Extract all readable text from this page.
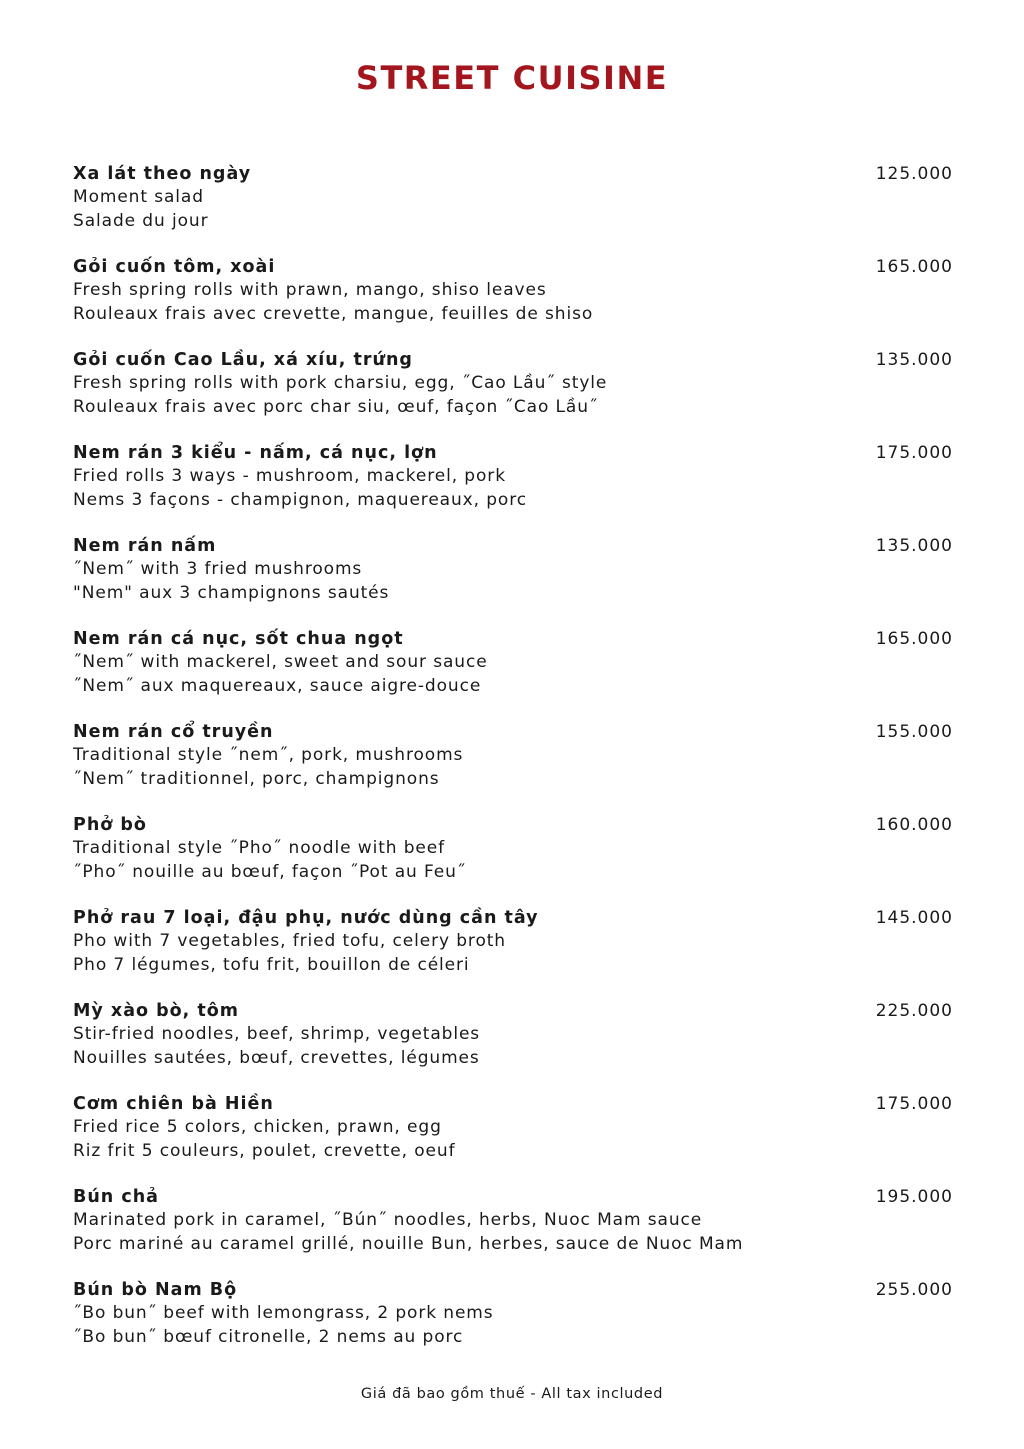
STREET CUISINE
Xa lát theo ngày
Moment salad
Salade du jour
125.000
Gỏi cuốn tôm, xoài
Fresh spring rolls with prawn, mango, shiso leaves
Rouleaux frais avec crevette, mangue, feuilles de shiso
165.000
Gỏi cuốn Cao Lầu, xá xíu, trứng
Fresh spring rolls with pork charsiu, egg, ˝Cao Lầu˝ style
Rouleaux frais avec porc char siu, œuf, façon ˝Cao Lầu˝
135.000
Nem rán 3 kiểu - nấm, cá nục, lợn
Fried rolls 3 ways - mushroom, mackerel, pork
Nems 3 façons - champignon, maquereaux, porc
175.000
Nem rán nấm
˝Nem˝ with 3 fried mushrooms
"Nem" aux 3 champignons sautés
135.000
Nem rán cá nục, sốt chua ngọt
˝Nem˝ with mackerel, sweet and sour sauce
˝Nem˝ aux maquereaux, sauce aigre-douce
165.000
Nem rán cổ truyền
Traditional style ˝nem˝, pork, mushrooms
˝Nem˝ traditionnel, porc, champignons
155.000
Phở bò
Traditional style ˝Pho˝ noodle with beef
˝Pho˝ nouille au bœuf, façon ˝Pot au Feu˝
160.000
Phở rau 7 loại, đậu phụ, nước dùng cần tây
Pho with 7 vegetables, fried tofu, celery broth
Pho 7 légumes, tofu frit, bouillon de céleri
145.000
Mỳ xào bò, tôm
Stir-fried noodles, beef, shrimp, vegetables
Nouilles sautées, bœuf, crevettes, légumes
225.000
Cơm chiên bà Hiền
Fried rice 5 colors, chicken, prawn, egg
Riz frit 5 couleurs, poulet, crevette, oeuf
175.000
Bún chả
Marinated pork in caramel, ˝Bún˝ noodles, herbs, Nuoc Mam sauce
Porc mariné au caramel grillé, nouille Bun, herbes, sauce de Nuoc Mam
195.000
Bún bò Nam Bộ
˝Bo bun˝ beef with lemongrass, 2 pork nems
˝Bo bun˝ bœuf citronelle, 2 nems au porc
255.000
Giá đã bao gồm thuế - All tax included
